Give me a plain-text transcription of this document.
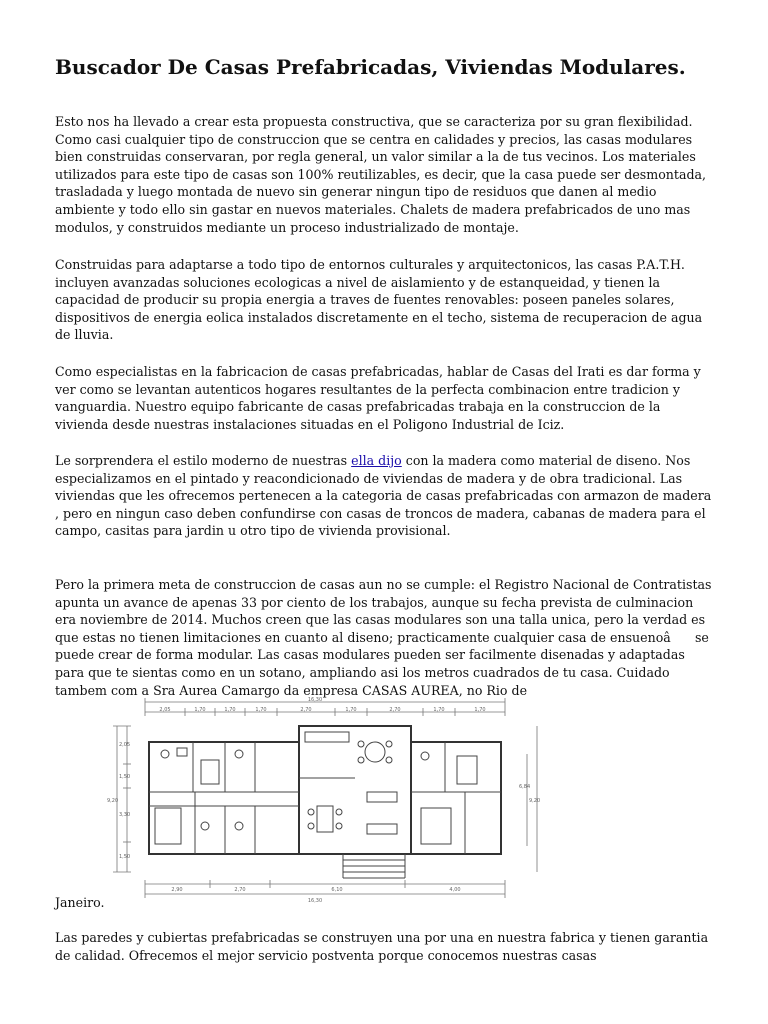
Buscador De Casas Prefabricadas, Viviendas Modulares.

Esto nos ha llevado a crear esta propuesta constructiva, que se caracteriza por su gran flexibilidad. Como casi cualquier tipo de construccion que se centra en calidades y precios, las casas modulares bien construidas conservaran, por regla general, un valor similar a la de tus vecinos. Los materiales utilizados para este tipo de casas son 100% reutilizables, es decir, que la casa puede ser desmontada, trasladada y luego montada de nuevo sin generar ningun tipo de residuos que danen al medio ambiente y todo ello sin gastar en nuevos materiales. Chalets de madera prefabricados de uno mas modulos, y construidos mediante un proceso industrializado de montaje.

Construidas para adaptarse a todo tipo de entornos culturales y arquitectonicos, las casas P.A.T.H. incluyen avanzadas soluciones ecologicas a nivel de aislamiento y de estanqueidad, y tienen la capacidad de producir su propia energia a traves de fuentes renovables: poseen paneles solares, dispositivos de energia eolica instalados discretamente en el techo, sistema de recuperacion de agua de lluvia.

Como especialistas en la fabricacion de casas prefabricadas, hablar de Casas del Irati es dar forma y ver como se levantan autenticos hogares resultantes de la perfecta combinacion entre tradicion y vanguardia. Nuestro equipo fabricante de casas prefabricadas trabaja en la construccion de la vivienda desde nuestras instalaciones situadas en el Poligono Industrial de Iciz.

Le sorprendera el estilo moderno de nuestras ella dijo con la madera como material de diseno. Nos especializamos en el pintado y reacondicionado de viviendas de madera y de obra tradicional. Las viviendas que les ofrecemos pertenecen a la categoria de casas prefabricadas con armazon de madera , pero en ningun caso deben confundirse con casas de troncos de madera, cabanas de madera para el campo, casitas para jardin u otro tipo de vivienda provisional.

Pero la primera meta de construccion de casas aun no se cumple: el Registro Nacional de Contratistas apunta un avance de apenas 33 por ciento de los trabajos, aunque su fecha prevista de culminacion era noviembre de 2014. Muchos creen que las casas modulares son una talla unica, pero la verdad es que estas no tienen limitaciones en cuanto al diseno; practicamente cualquier casa de ensuenoâ se puede crear de forma modular. Las casas modulares pueden ser facilmente disenadas y adaptadas para que te sientas como en un sotano, ampliando asi los metros cuadrados de tu casa. Cuidado tambem com a Sra Aurea Camargo da empresa CASAS AUREA, no Rio de

Janeiro.

Las paredes y cubiertas prefabricadas se construyen una por una en nuestra fabrica y tienen garantia de calidad. Ofrecemos el mejor servicio postventa porque conocemos nuestras casas

16,30
2,05	1,70	1,70	1,70	2,70	1,70	2,70	1,70	1,70
2,90	2,70	6,10	4,00
16,30
9,20
2,05
1,50
3,30
1,50
9,20
6,84
